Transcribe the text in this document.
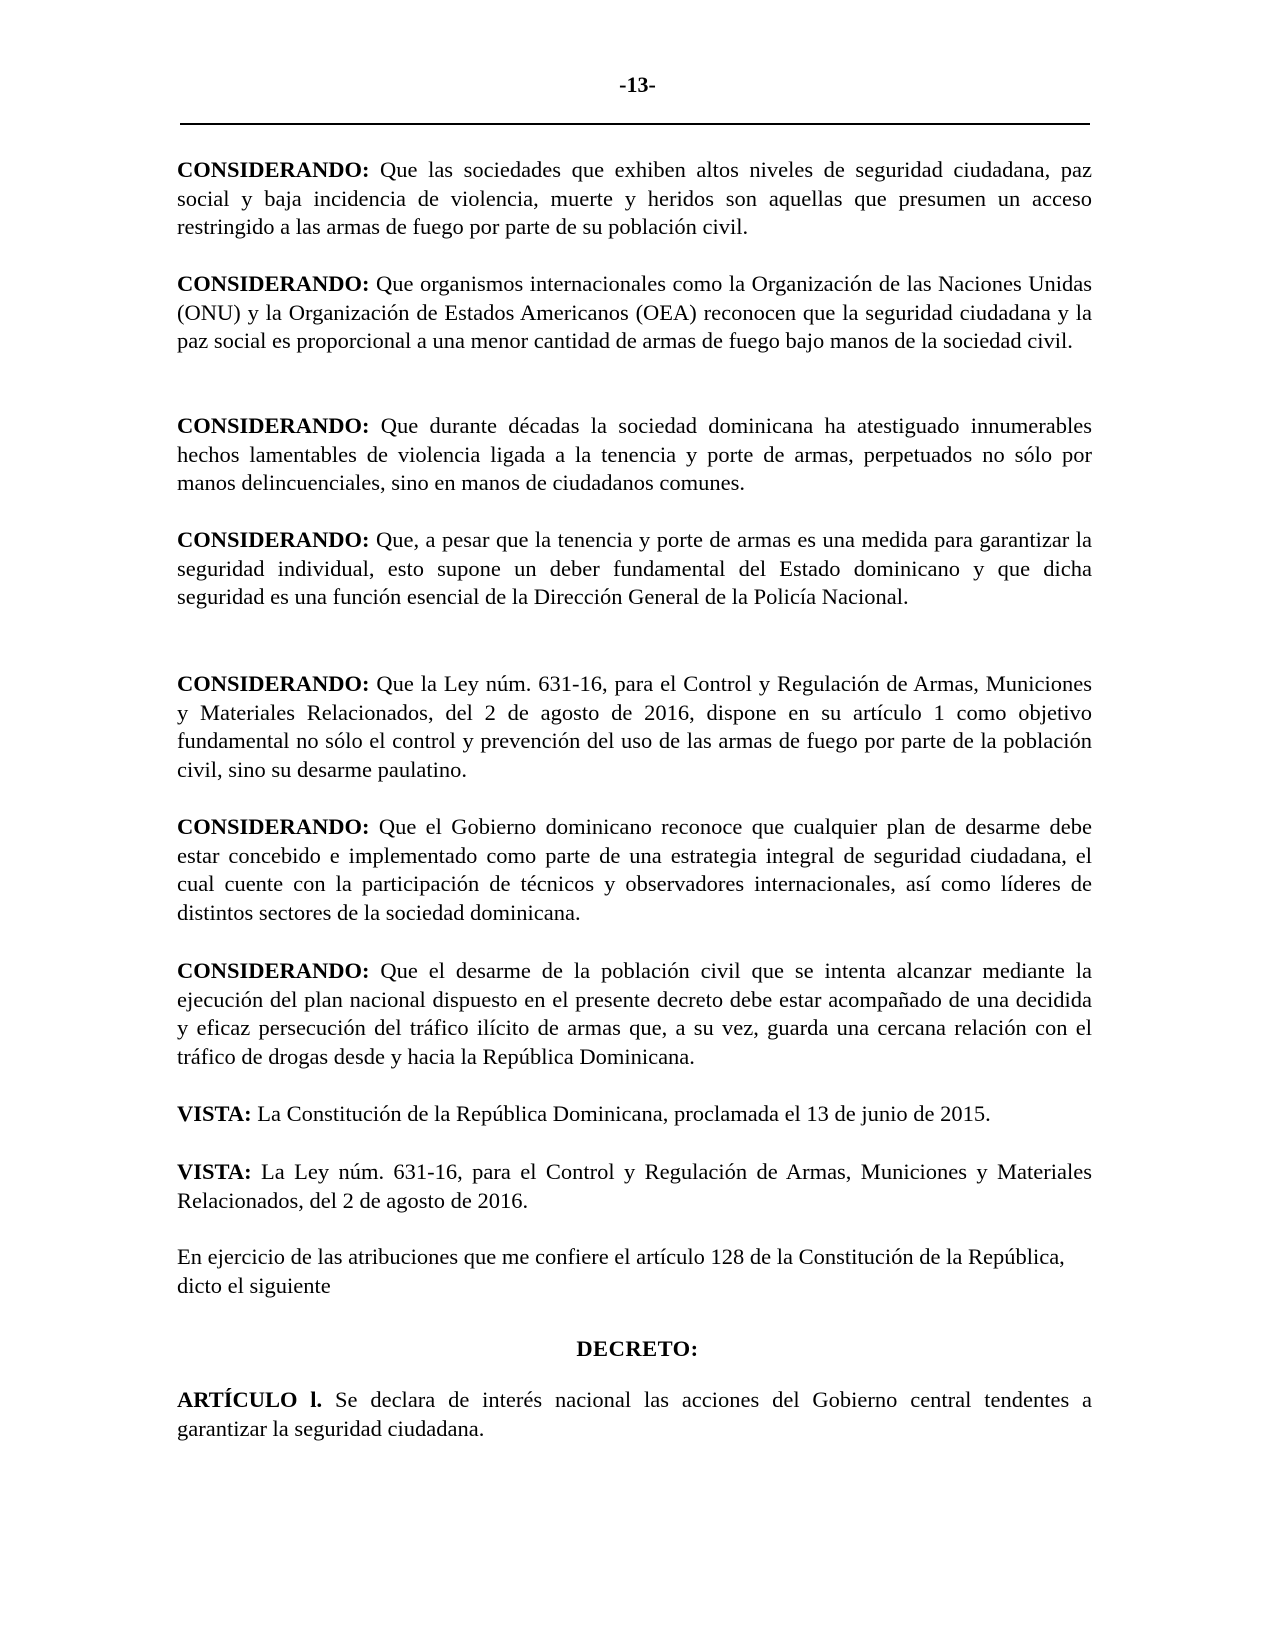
-13-

CONSIDERANDO: Que las sociedades que exhiben altos niveles de seguridad ciudadana, paz social y baja incidencia de violencia, muerte y heridos son aquellas que presumen un acceso restringido a las armas de fuego por parte de su población civil.

CONSIDERANDO: Que organismos internacionales como la Organización de las Naciones Unidas (ONU) y la Organización de Estados Americanos (OEA) reconocen que la seguridad ciudadana y la paz social es proporcional a una menor cantidad de armas de fuego bajo manos de la sociedad civil.

CONSIDERANDO: Que durante décadas la sociedad dominicana ha atestiguado innumerables hechos lamentables de violencia ligada a la tenencia y porte de armas, perpetuados no sólo por manos delincuenciales, sino en manos de ciudadanos comunes.

CONSIDERANDO: Que, a pesar que la tenencia y porte de armas es una medida para garantizar la seguridad individual, esto supone un deber fundamental del Estado dominicano y que dicha seguridad es una función esencial de la Dirección General de la Policía Nacional.

CONSIDERANDO: Que la Ley núm. 631-16, para el Control y Regulación de Armas, Municiones y Materiales Relacionados, del 2 de agosto de 2016, dispone en su artículo 1 como objetivo fundamental no sólo el control y prevención del uso de las armas de fuego por parte de la población civil, sino su desarme paulatino.

CONSIDERANDO: Que el Gobierno dominicano reconoce que cualquier plan de desarme debe estar concebido e implementado como parte de una estrategia integral de seguridad ciudadana, el cual cuente con la participación de técnicos y observadores internacionales, así como líderes de distintos sectores de la sociedad dominicana.

CONSIDERANDO: Que el desarme de la población civil que se intenta alcanzar mediante la ejecución del plan nacional dispuesto en el presente decreto debe estar acompañado de una decidida y eficaz persecución del tráfico ilícito de armas que, a su vez, guarda una cercana relación con el tráfico de drogas desde y hacia la República Dominicana.

VISTA: La Constitución de la República Dominicana, proclamada el 13 de junio de 2015.

VISTA: La Ley núm. 631-16, para el Control y Regulación de Armas, Municiones y Materiales Relacionados, del 2 de agosto de 2016.

En ejercicio de las atribuciones que me confiere el artículo 128 de la Constitución de la República, dicto el siguiente

DECRETO:

ARTÍCULO l. Se declara de interés nacional las acciones del Gobierno central tendentes a garantizar la seguridad ciudadana.
